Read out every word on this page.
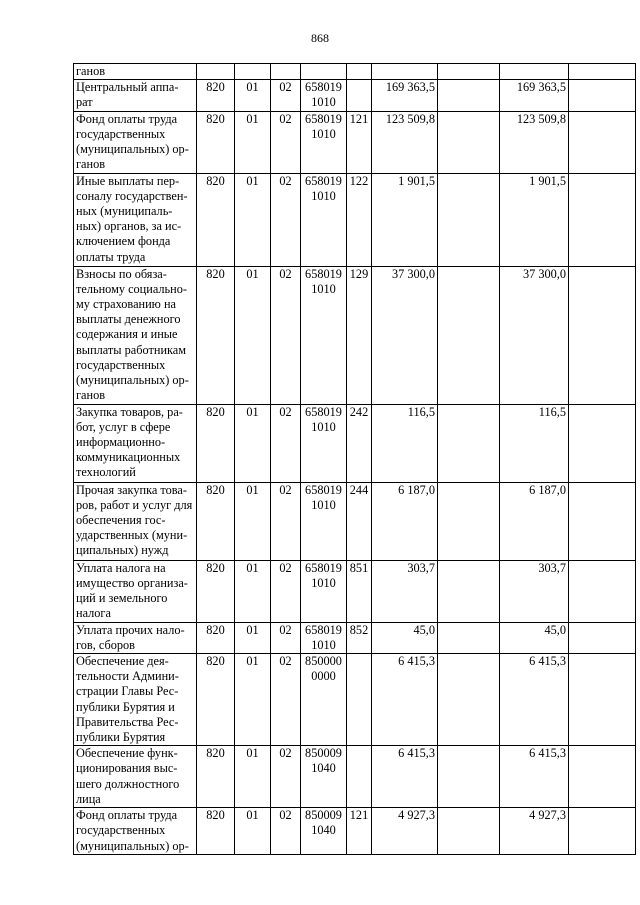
868
ганов									
Центральный аппа-рат	820	01	02	658019 1010		169 363,5		169 363,5	
Фонд оплаты труда государственных (муниципальных) ор-ганов	820	01	02	658019 1010	121	123 509,8		123 509,8	
Иные выплаты пер-соналу государствен-ных (муниципаль-ных) органов, за ис-ключением фонда оплаты труда	820	01	02	658019 1010	122	1 901,5		1 901,5	
Взносы по обяза-тельному социально-му страхованию на выплаты денежного содержания и иные выплаты работникам государственных (муниципальных) ор-ганов	820	01	02	658019 1010	129	37 300,0		37 300,0	
Закупка товаров, ра-бот, услуг в сфере информационно-коммуникационных технологий	820	01	02	658019 1010	242	116,5		116,5	
Прочая закупка това-ров, работ и услуг для обеспечения гос-ударственных (муни-ципальных) нужд	820	01	02	658019 1010	244	6 187,0		6 187,0	
Уплата налога на имущество организа-ций и земельного налога	820	01	02	658019 1010	851	303,7		303,7	
Уплата прочих нало-гов, сборов	820	01	02	658019 1010	852	45,0		45,0	
Обеспечение дея-тельности Админи-страции Главы Рес-публики Бурятия и Правительства Рес-публики Бурятия	820	01	02	850000 0000		6 415,3		6 415,3	
Обеспечение функ-ционирования выс-шего должностного лица	820	01	02	850009 1040		6 415,3		6 415,3	
Фонд оплаты труда государственных (муниципальных) ор-	820	01	02	850009 1040	121	4 927,3		4 927,3	
